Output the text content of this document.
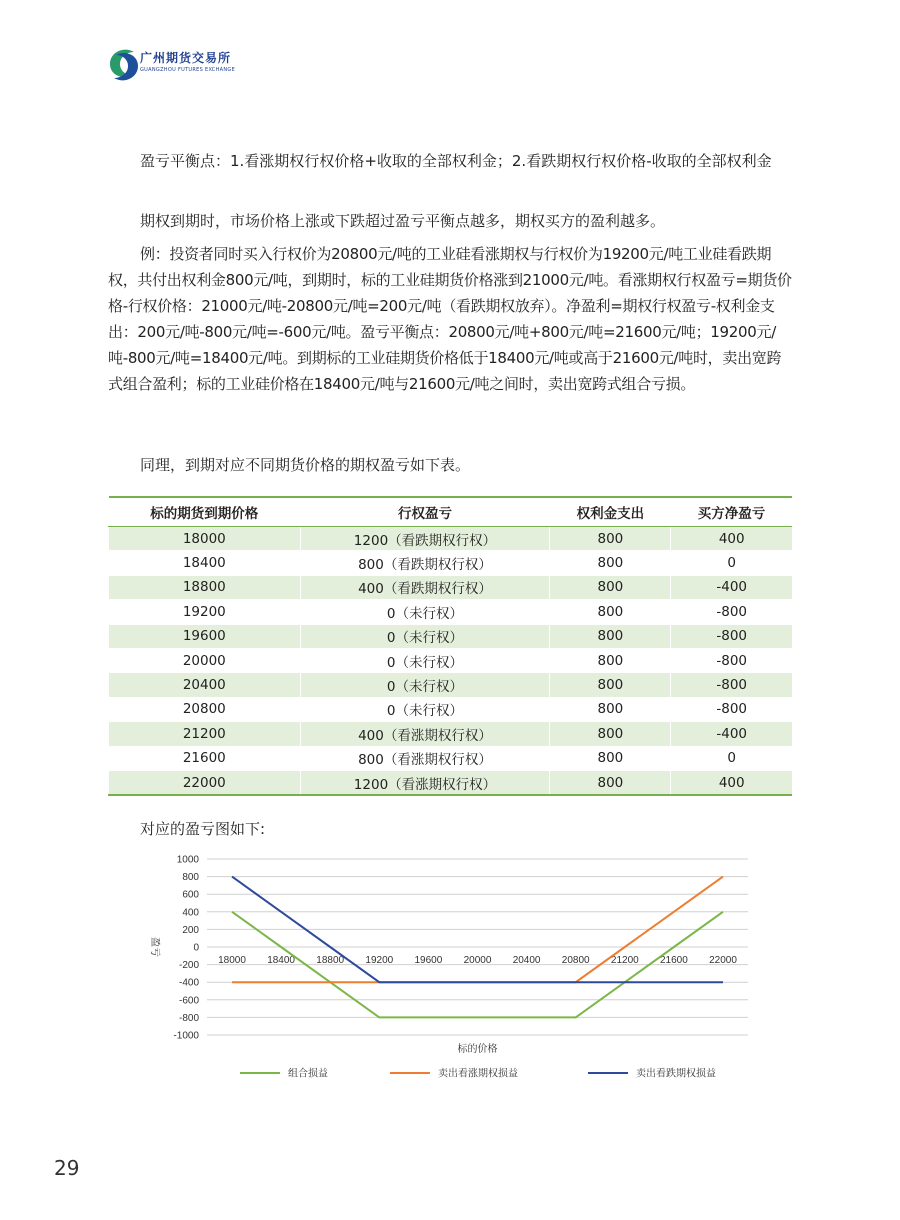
广州期货交易所
GUANGZHOU FUTURES EXCHANGE

盈亏平衡点：1.看涨期权行权价格+收取的全部权利金；2.看跌期权行权价格-收取的全部权利金

期权到期时，市场价格上涨或下跌超过盈亏平衡点越多，期权买方的盈利越多。

例：投资者同时买入行权价为20800元/吨的工业硅看涨期权与行权价为19200元/吨工业硅看跌期权，共付出权利金800元/吨，到期时，标的工业硅期货价格涨到21000元/吨。看涨期权行权盈亏=期货价格-行权价格：21000元/吨-20800元/吨=200元/吨（看跌期权放弃）。净盈利=期权行权盈亏-权利金支出：200元/吨-800元/吨=-600元/吨。盈亏平衡点：20800元/吨+800元/吨=21600元/吨；19200元/吨-800元/吨=18400元/吨。到期标的工业硅期货价格低于18400元/吨或高于21600元/吨时，卖出宽跨式组合盈利；标的工业硅价格在18400元/吨与21600元/吨之间时，卖出宽跨式组合亏损。

同理，到期对应不同期货价格的期权盈亏如下表。

标的期货到期价格	行权盈亏	权利金支出	买方净盈亏
18000	1200（看跌期权行权）	800	400
18400	800（看跌期权行权）	800	0
18800	400（看跌期权行权）	800	-400
19200	0（未行权）	800	-800
19600	0（未行权）	800	-800
20000	0（未行权）	800	-800
20400	0（未行权）	800	-800
20800	0（未行权）	800	-800
21200	400（看涨期权行权）	800	-400
21600	800（看涨期权行权）	800	0
22000	1200（看涨期权行权）	800	400
对应的盈亏图如下:
1000
800
600
400
200
0
-200
-400
-600
-800
-1000
18000 18400 18800 19200 19600 20000 20400 20800 21200 21600 22000
盈亏
标的价格
组合损益	卖出看涨期权损益	卖出看跌期权损益
29
